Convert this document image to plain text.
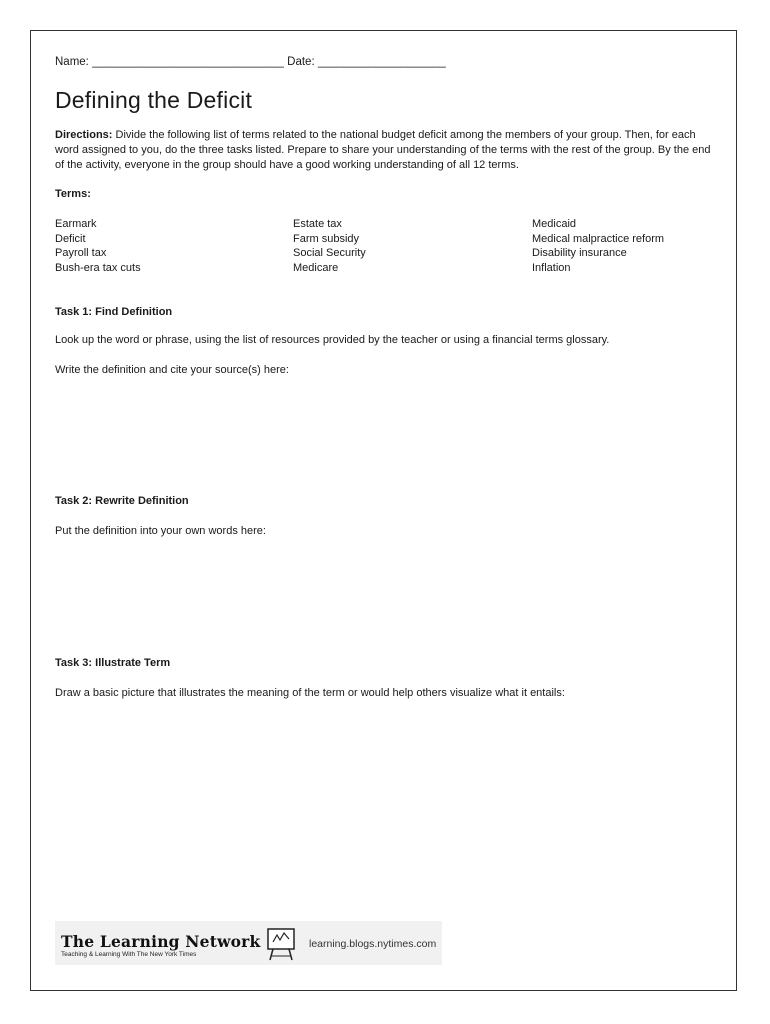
Name: ______________________________ Date: ____________________
Defining the Deficit
Directions: Divide the following list of terms related to the national budget deficit among the members of your group. Then, for each word assigned to you, do the three tasks listed. Prepare to share your understanding of the terms with the rest of the group. By the end of the activity, everyone in the group should have a good working understanding of all 12 terms.
Terms:
Earmark
Deficit
Payroll tax
Bush-era tax cuts
Estate tax
Farm subsidy
Social Security
Medicare
Medicaid
Medical malpractice reform
Disability insurance
Inflation
Task 1: Find Definition
Look up the word or phrase, using the list of resources provided by the teacher or using a financial terms glossary.
Write the definition and cite your source(s) here:
Task 2: Rewrite Definition
Put the definition into your own words here:
Task 3: Illustrate Term
Draw a basic picture that illustrates the meaning of the term or would help others visualize what it entails:
The Learning Network
Teaching & Learning With The New York Times
learning.blogs.nytimes.com
